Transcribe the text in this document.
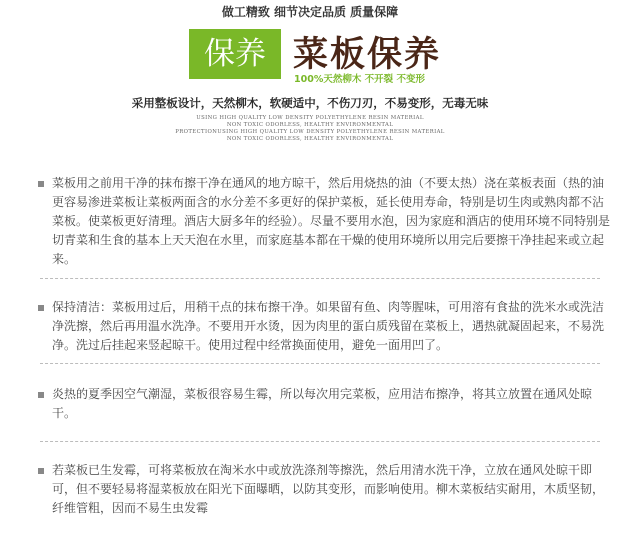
做工精致 细节决定品质 质量保障
保养 菜板保养
100%天然柳木 不开裂 不变形
采用整板设计，天然柳木，软硬适中，不伤刀刃，不易变形，无毒无味
USING HIGH QUALITY LOW DENSITY POLYETHYLENE RESIN MATERIAL
NON TOXIC ODORLESS, HEALTHY ENVIRONMENTAL
PROTECTIONUSING HIGH QUALITY LOW DENSITY POLYETHYLENE RESIN MATERIAL
NON TOXIC ODORLESS, HEALTHY ENVIRONMENTAL

菜板用之前用干净的抹布擦干净在通风的地方晾干，然后用烧热的油（不要太热）浇在菜板表面（热的油更容易渗进菜板让菜板两面含的水分差不多更好的保护菜板，延长使用寿命，特别是切生肉或熟肉都不沾菜板。使菜板更好清理。酒店大厨多年的经验）。尽量不要用水泡，因为家庭和酒店的使用环境不同特别是切青菜和生食的基本上天天泡在水里，而家庭基本都在干燥的使用环境所以用完后要擦干净挂起来或立起来。

保持清洁：菜板用过后，用稍干点的抹布擦干净。如果留有鱼、肉等腥味，可用溶有食盐的洗米水或洗洁净洗擦，然后再用温水洗净。不要用开水烫，因为肉里的蛋白质残留在菜板上，遇热就凝固起来，不易洗净。洗过后挂起来竖起晾干。使用过程中经常换面使用，避免一面用凹了。

炎热的夏季因空气潮湿，菜板很容易生霉，所以每次用完菜板，应用洁布擦净，将其立放置在通风处晾干。

若菜板已生发霉，可将菜板放在淘米水中或放洗涤剂等擦洗，然后用清水洗干净，立放在通风处晾干即可，但不要轻易将湿菜板放在阳光下面曝晒，以防其变形，而影响使用。柳木菜板结实耐用，木质坚韧，纤维管粗，因而不易生虫发霉
